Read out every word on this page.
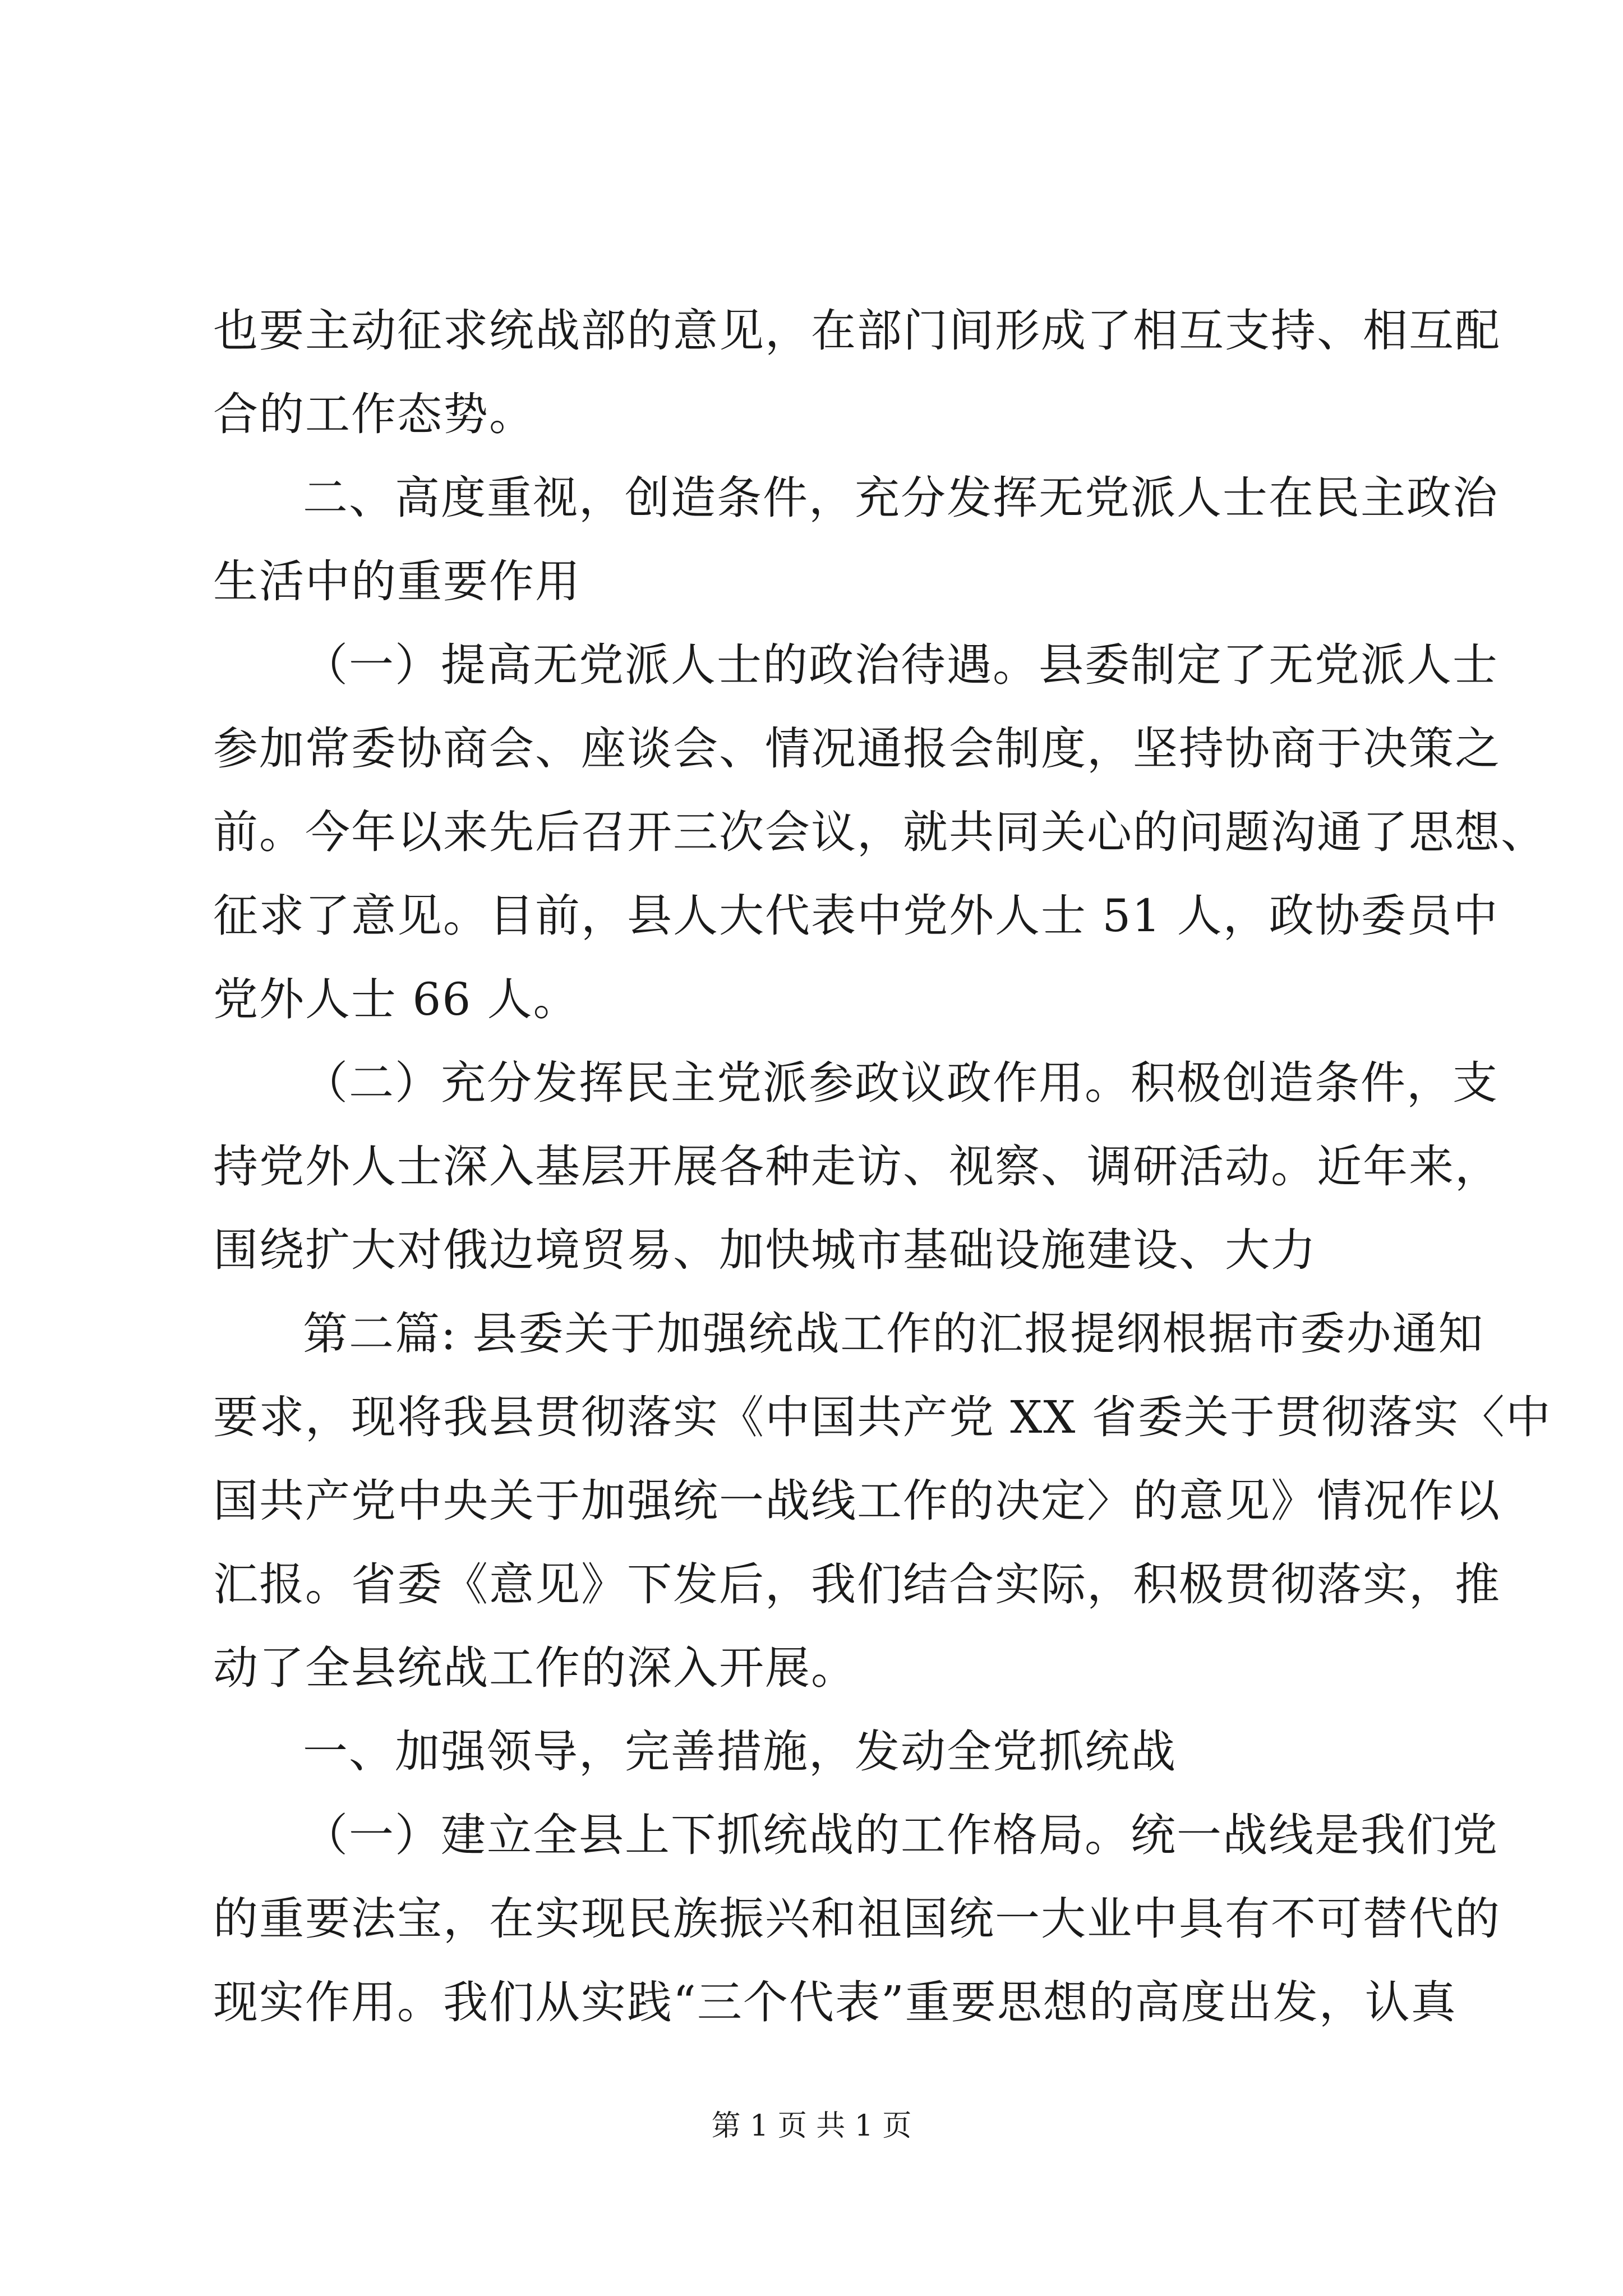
也要主动征求统战部的意见，在部门间形成了相互支持、相互配
合的工作态势。
二、高度重视，创造条件，充分发挥无党派人士在民主政治
生活中的重要作用
（一）提高无党派人士的政治待遇。县委制定了无党派人士
参加常委协商会、座谈会、情况通报会制度，坚持协商于决策之
前。今年以来先后召开三次会议，就共同关心的问题沟通了思想、
征求了意见。目前，县人大代表中党外人士 51 人，政协委员中
党外人士 66 人。
（二）充分发挥民主党派参政议政作用。积极创造条件，支
持党外人士深入基层开展各种走访、视察、调研活动。近年来，
围绕扩大对俄边境贸易、加快城市基础设施建设、大力
第二篇: 县委关于加强统战工作的汇报提纲根据市委办通知
要求，现将我县贯彻落实《中国共产党 XX 省委关于贯彻落实〈中
国共产党中央关于加强统一战线工作的决定〉的意见》情况作以
汇报。省委《意见》下发后，我们结合实际，积极贯彻落实，推
动了全县统战工作的深入开展。
一、加强领导，完善措施，发动全党抓统战
（一）建立全县上下抓统战的工作格局。统一战线是我们党
的重要法宝，在实现民族振兴和祖国统一大业中具有不可替代的
现实作用。我们从实践“三个代表”重要思想的高度出发，认真
第 1 页 共 1 页
